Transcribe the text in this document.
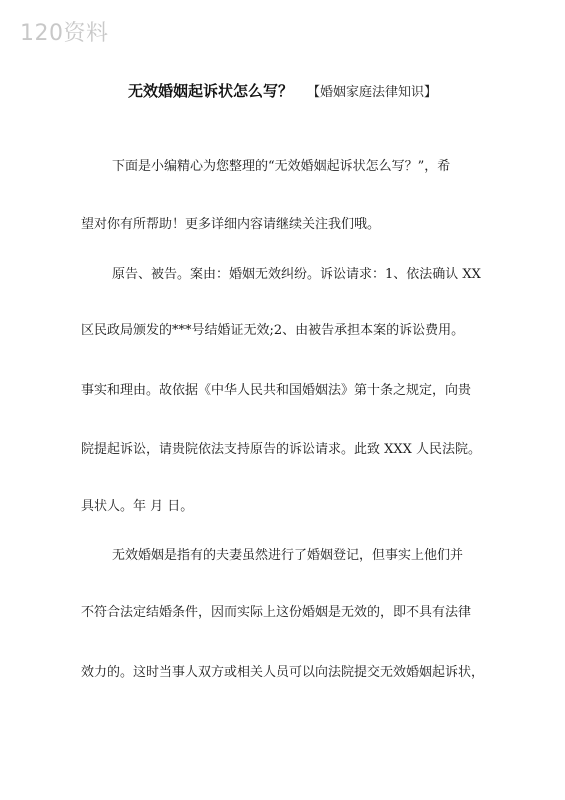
120资料
无效婚姻起诉状怎么写？ 【婚姻家庭法律知识】
下面是小编精心为您整理的“无效婚姻起诉状怎么写？”，希
望对你有所帮助！更多详细内容请继续关注我们哦。
原告、被告。案由：婚姻无效纠纷。诉讼请求：1、依法确认 XX
区民政局颁发的***号结婚证无效;2、由被告承担本案的诉讼费用。
事实和理由。故依据《中华人民共和国婚姻法》第十条之规定，向贵
院提起诉讼，请贵院依法支持原告的诉讼请求。此致 XXX 人民法院。
具状人。年 月 日。
无效婚姻是指有的夫妻虽然进行了婚姻登记，但事实上他们并
不符合法定结婚条件，因而实际上这份婚姻是无效的，即不具有法律
效力的。这时当事人双方或相关人员可以向法院提交无效婚姻起诉状，
